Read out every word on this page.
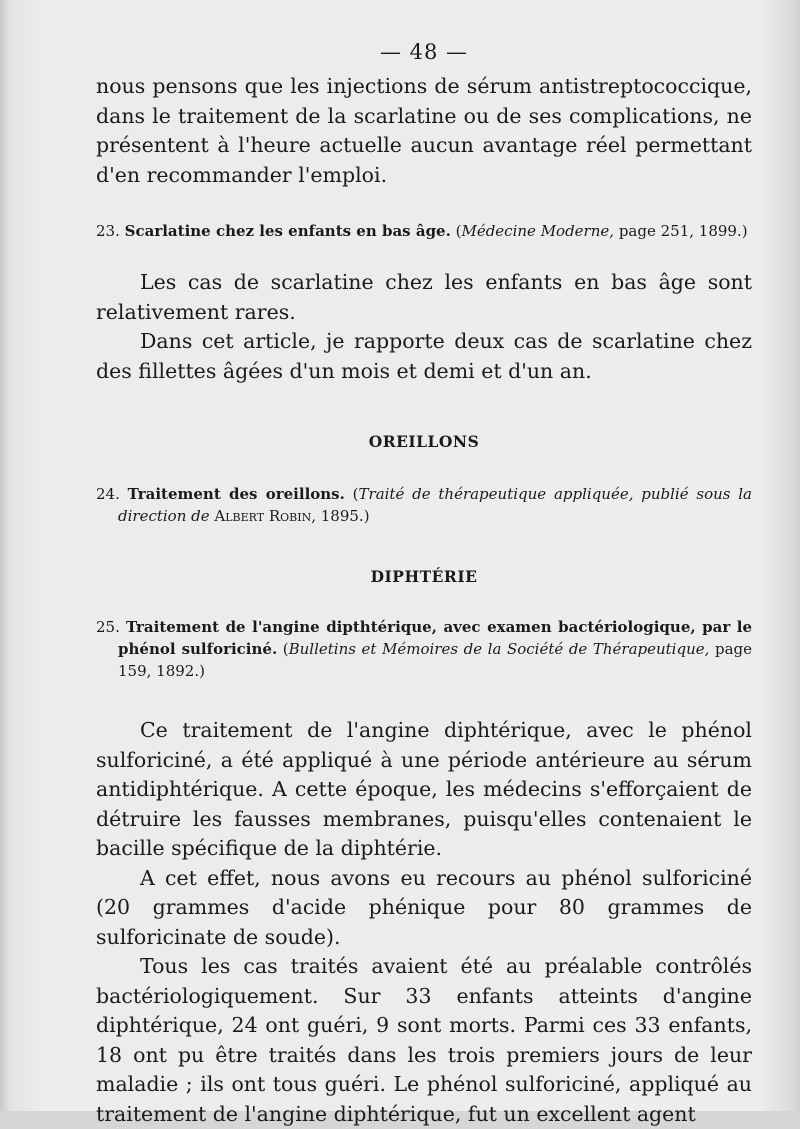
— 48 —

nous pensons que les injections de sérum antistreptococcique, dans le traitement de la scarlatine ou de ses complications, ne présentent à l'heure actuelle aucun avantage réel permettant d'en recommander l'emploi.

23. Scarlatine chez les enfants en bas âge. (Médecine Moderne, page 251, 1899.)

Les cas de scarlatine chez les enfants en bas âge sont relativement rares.

Dans cet article, je rapporte deux cas de scarlatine chez des fillettes âgées d'un mois et demi et d'un an.

OREILLONS

24. Traitement des oreillons. (Traité de thérapeutique appliquée, publié sous la direction de Albert Robin, 1895.)

DIPHTÉRIE

25. Traitement de l'angine dipthtérique, avec examen bactériologique, par le phénol sulforiciné. (Bulletins et Mémoires de la Société de Thérapeutique, page 159, 1892.)

Ce traitement de l'angine diphtérique, avec le phénol sulforiciné, a été appliqué à une période antérieure au sérum antidiphtérique. A cette époque, les médecins s'efforçaient de détruire les fausses membranes, puisqu'elles contenaient le bacille spécifique de la diphtérie.

A cet effet, nous avons eu recours au phénol sulforiciné (20 grammes d'acide phénique pour 80 grammes de sulforicinate de soude).

Tous les cas traités avaient été au préalable contrôlés bactériologiquement. Sur 33 enfants atteints d'angine diphtérique, 24 ont guéri, 9 sont morts. Parmi ces 33 enfants, 18 ont pu être traités dans les trois premiers jours de leur maladie ; ils ont tous guéri. Le phénol sulforiciné, appliqué au traitement de l'angine diphtérique, fut un excellent agent
